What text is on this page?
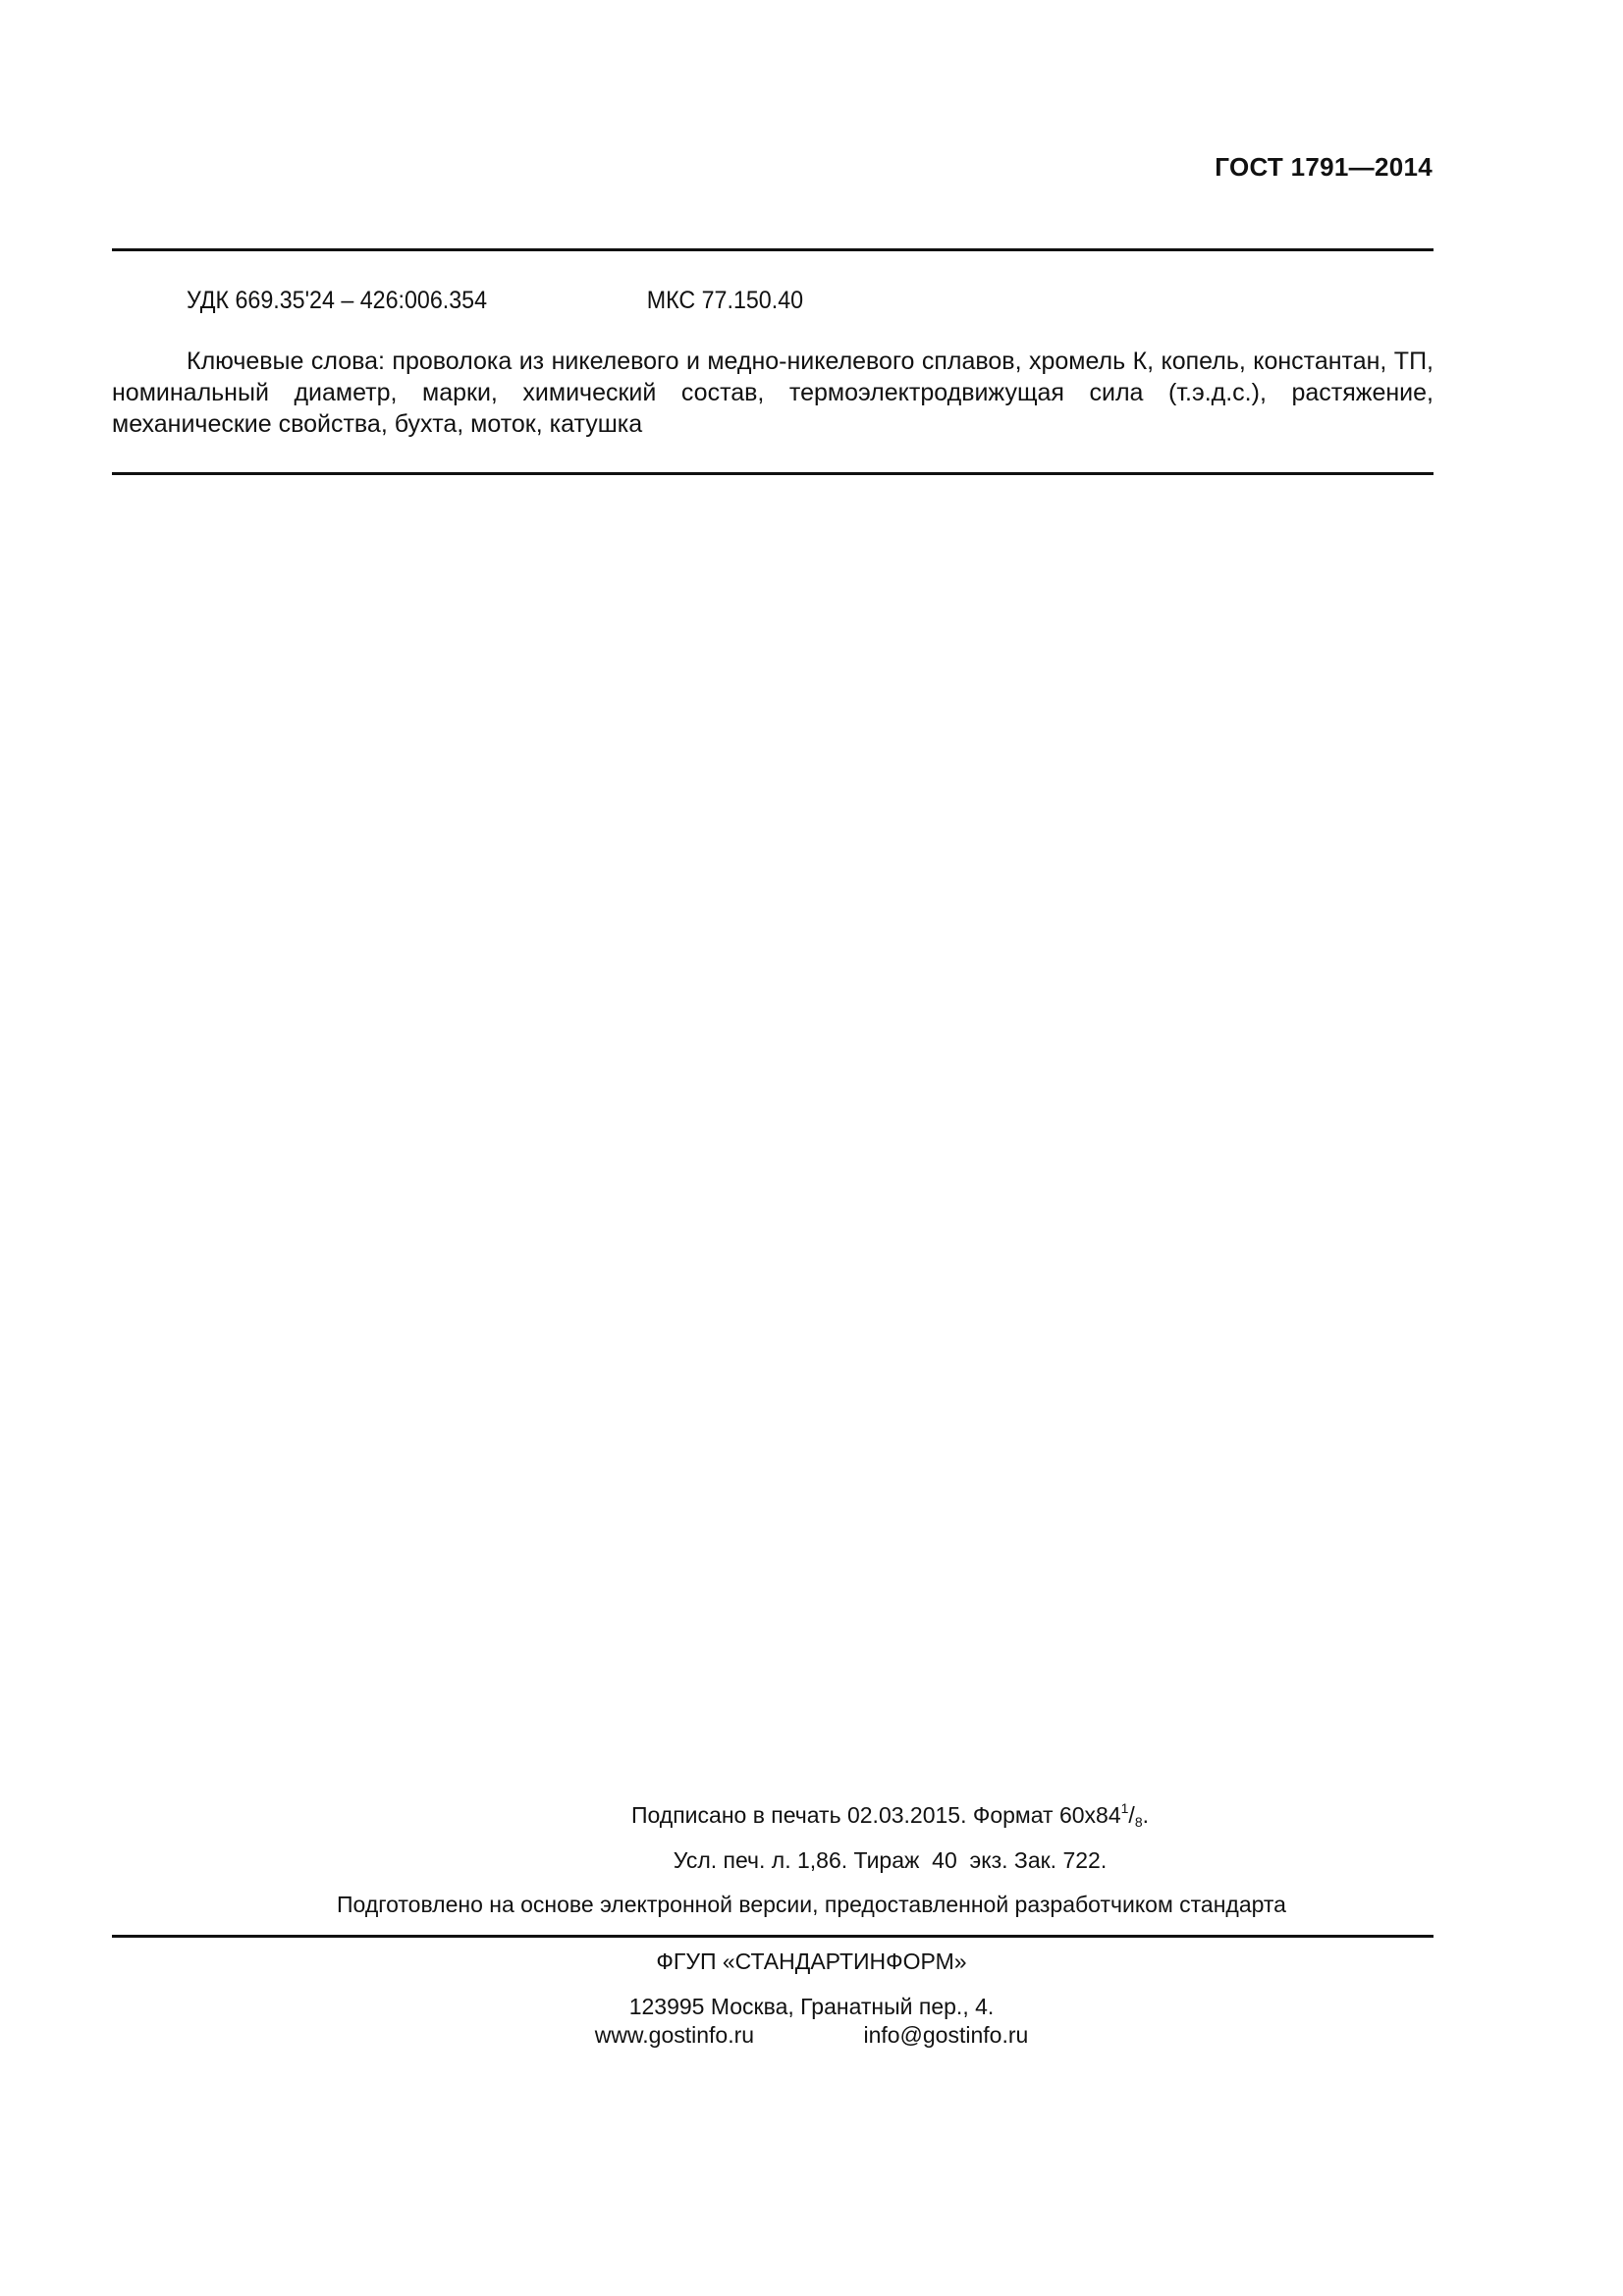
ГОСТ 1791—2014
УДК 669.35'24 – 426:006.354	МКС 77.150.40
Ключевые слова: проволока из никелевого и медно-никелевого сплавов, хромель К, копель, константан, ТП, номинальный диаметр, марки, химический состав, термоэлектродвижущая сила (т.э.д.с.), растяжение, механические свойства, бухта, моток, катушка
Подписано в печать 02.03.2015. Формат $60x84^1/_8$.
Усл. печ. л. 1,86. Тираж  40  экз. Зак. 722.
Подготовлено на основе электронной версии, предоставленной разработчиком стандарта
ФГУП «СТАНДАРТИНФОРМ»
123995 Москва, Гранатный пер., 4.
www.gostinfo.ru	info@gostinfo.ru
